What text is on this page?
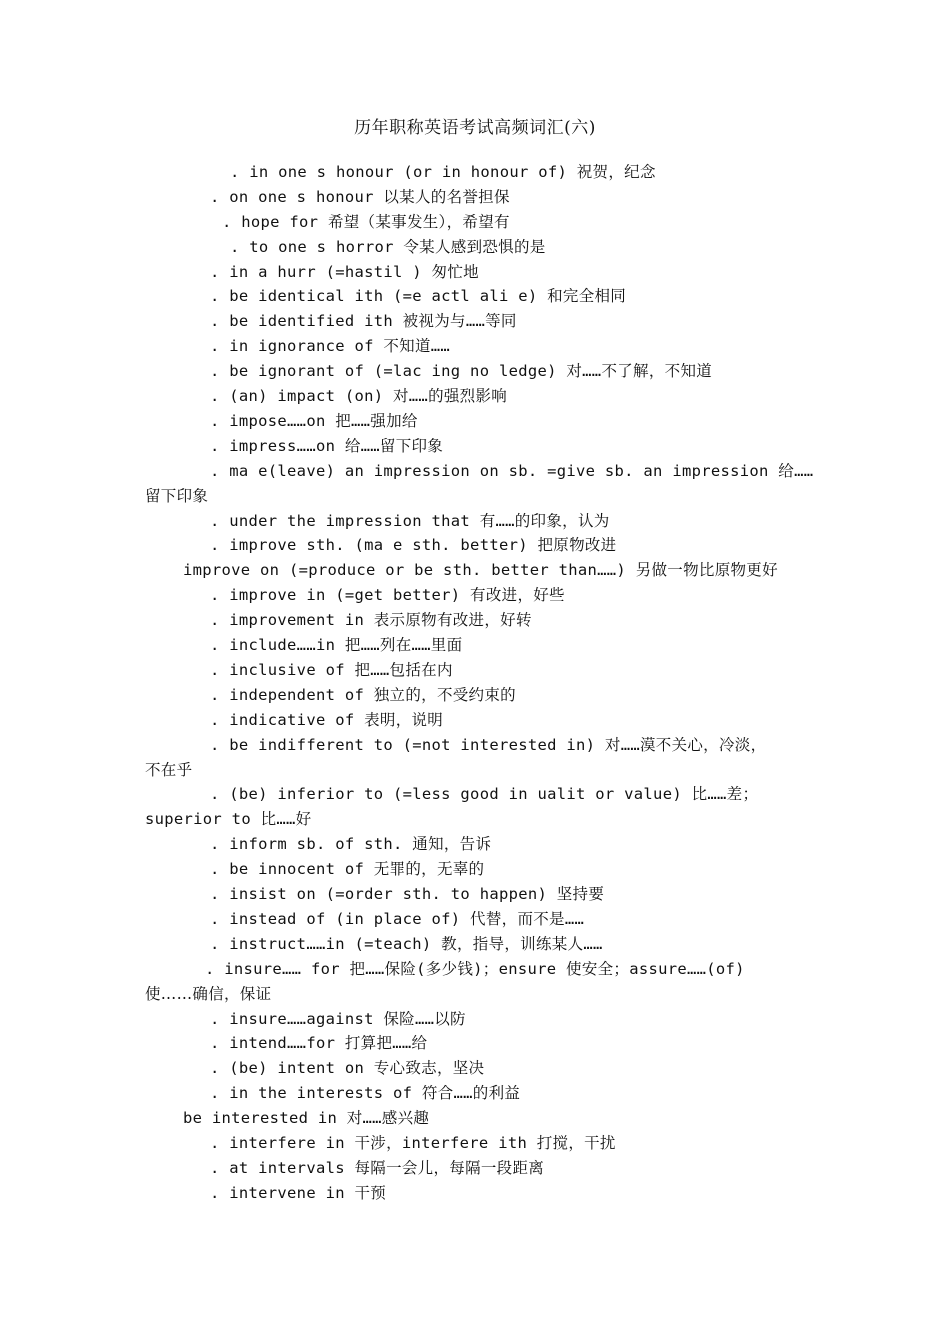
历年职称英语考试高频词汇(六)
. in one s honour (or in honour of) 祝贺，纪念
. on one s honour 以某人的名誉担保
. hope for 希望（某事发生），希望有
. to one s horror 令某人感到恐惧的是
. in a hurr (=hastil ) 匆忙地
. be identical ith (=e actl ali e) 和完全相同
. be identified ith 被视为与……等同
. in ignorance of 不知道……
. be ignorant of (=lac ing no ledge) 对……不了解，不知道
. (an) impact (on) 对……的强烈影响
. impose……on 把……强加给
. impress……on 给……留下印象
. ma e(leave) an impression on sb. =give sb. an impression 给……
留下印象
. under the impression that 有……的印象，认为
. improve sth. (ma e sth. better) 把原物改进
improve on (=produce or be sth. better than……) 另做一物比原物更好
. improve in (=get better) 有改进，好些
. improvement in 表示原物有改进，好转
. include……in 把……列在……里面
. inclusive of 把……包括在内
. independent of 独立的，不受约束的
. indicative of 表明，说明
. be indifferent to (=not interested in) 对……漠不关心，冷淡，
不在乎
. (be) inferior to (=less good in ualit or value) 比……差；
superior to 比……好
. inform sb. of sth. 通知，告诉
. be innocent of 无罪的，无辜的
. insist on (=order sth. to happen) 坚持要
. instead of (in place of) 代替，而不是……
. instruct……in (=teach) 教，指导，训练某人……
. insure…… for 把……保险(多少钱)；ensure 使安全；assure……(of)
使……确信，保证
. insure……against 保险……以防
. intend……for 打算把……给
. (be) intent on 专心致志，坚决
. in the interests of 符合……的利益
be interested in 对……感兴趣
. interfere in 干涉，interfere ith 打搅，干扰
. at intervals 每隔一会儿，每隔一段距离
. intervene in 干预
